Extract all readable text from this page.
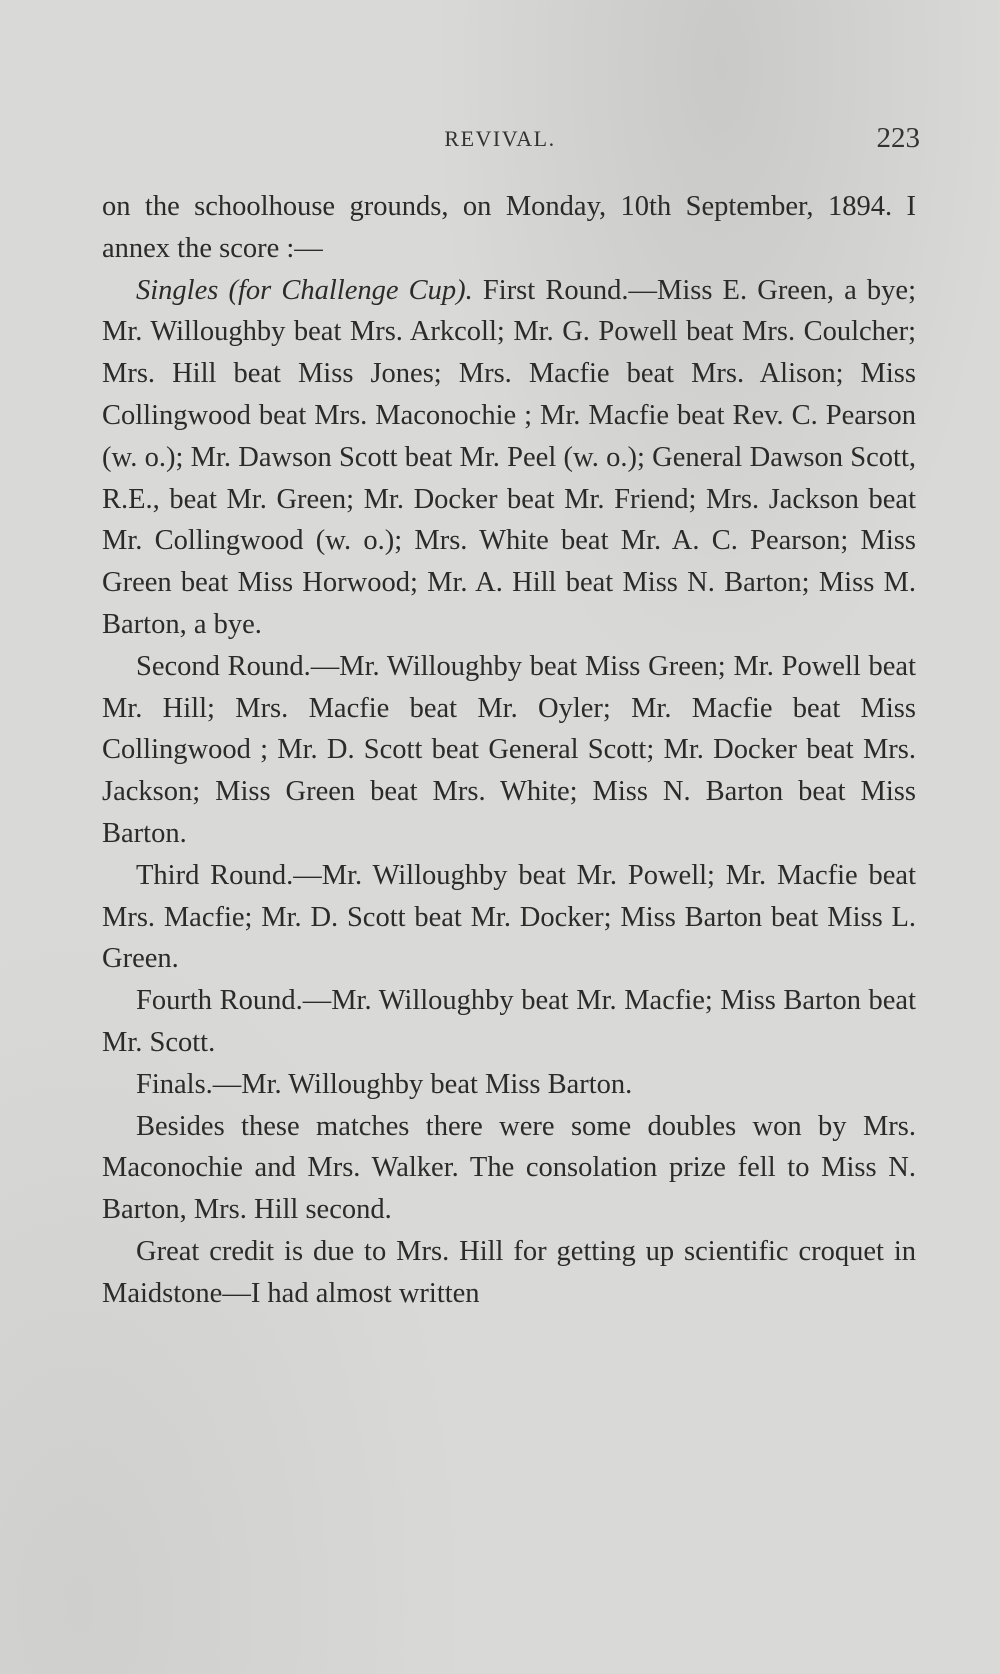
REVIVAL.	223

on the schoolhouse grounds, on Monday, 10th September, 1894. I annex the score :—

Singles (for Challenge Cup). First Round.—Miss E. Green, a bye; Mr. Willoughby beat Mrs. Arkcoll; Mr. G. Powell beat Mrs. Coulcher; Mrs. Hill beat Miss Jones; Mrs. Macfie beat Mrs. Alison; Miss Collingwood beat Mrs. Maconochie ; Mr. Macfie beat Rev. C. Pearson (w. o.); Mr. Dawson Scott beat Mr. Peel (w. o.); General Dawson Scott, R.E., beat Mr. Green; Mr. Docker beat Mr. Friend; Mrs. Jackson beat Mr. Collingwood (w. o.); Mrs. White beat Mr. A. C. Pearson; Miss Green beat Miss Horwood; Mr. A. Hill beat Miss N. Barton; Miss M. Barton, a bye.

Second Round.—Mr. Willoughby beat Miss Green; Mr. Powell beat Mr. Hill; Mrs. Macfie beat Mr. Oyler; Mr. Macfie beat Miss Collingwood ; Mr. D. Scott beat General Scott; Mr. Docker beat Mrs. Jackson; Miss Green beat Mrs. White; Miss N. Barton beat Miss Barton.

Third Round.—Mr. Willoughby beat Mr. Powell; Mr. Macfie beat Mrs. Macfie; Mr. D. Scott beat Mr. Docker; Miss Barton beat Miss L. Green.

Fourth Round.—Mr. Willoughby beat Mr. Macfie; Miss Barton beat Mr. Scott.

Finals.—Mr. Willoughby beat Miss Barton.

Besides these matches there were some doubles won by Mrs. Maconochie and Mrs. Walker. The consolation prize fell to Miss N. Barton, Mrs. Hill second.

Great credit is due to Mrs. Hill for getting up scientific croquet in Maidstone—I had almost written
